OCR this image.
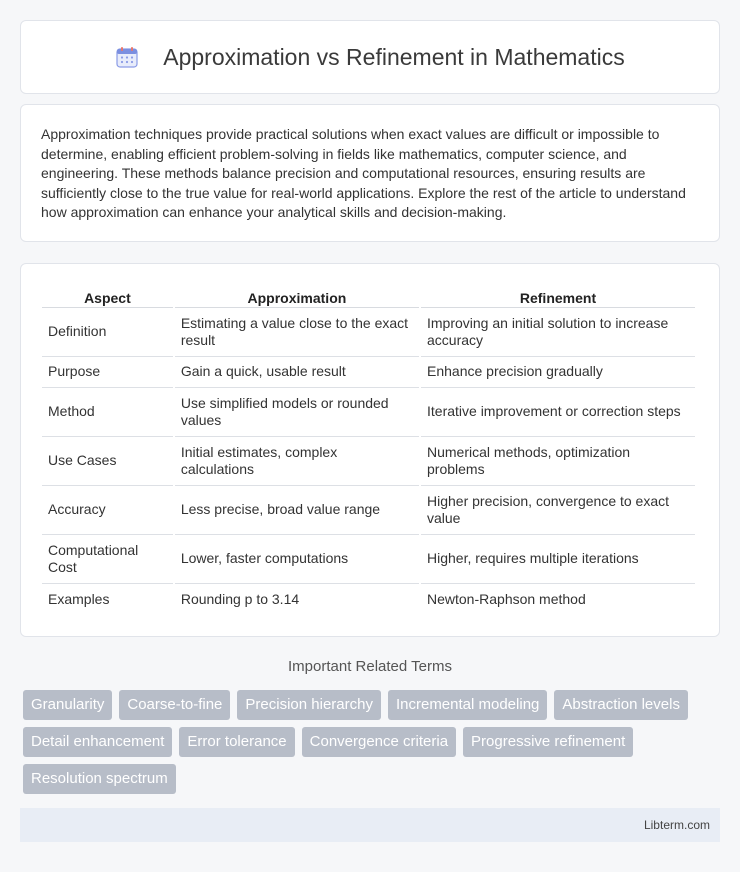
Approximation vs Refinement in Mathematics

Approximation techniques provide practical solutions when exact values are difficult or impossible to determine, enabling efficient problem-solving in fields like mathematics, computer science, and engineering. These methods balance precision and computational resources, ensuring results are sufficiently close to the true value for real-world applications. Explore the rest of the article to understand how approximation can enhance your analytical skills and decision-making.

Aspect	Approximation	Refinement
Definition	Estimating a value close to the exact result	Improving an initial solution to increase accuracy
Purpose	Gain a quick, usable result	Enhance precision gradually
Method	Use simplified models or rounded values	Iterative improvement or correction steps
Use Cases	Initial estimates, complex calculations	Numerical methods, optimization problems
Accuracy	Less precise, broad value range	Higher precision, convergence to exact value
Computational Cost	Lower, faster computations	Higher, requires multiple iterations
Examples	Rounding p to 3.14	Newton-Raphson method
Important Related Terms
Granularity	Coarse-to-fine	Precision hierarchy	Incremental modeling	Abstraction levels
Detail enhancement	Error tolerance	Convergence criteria	Progressive refinement
Resolution spectrum
Libterm.com
